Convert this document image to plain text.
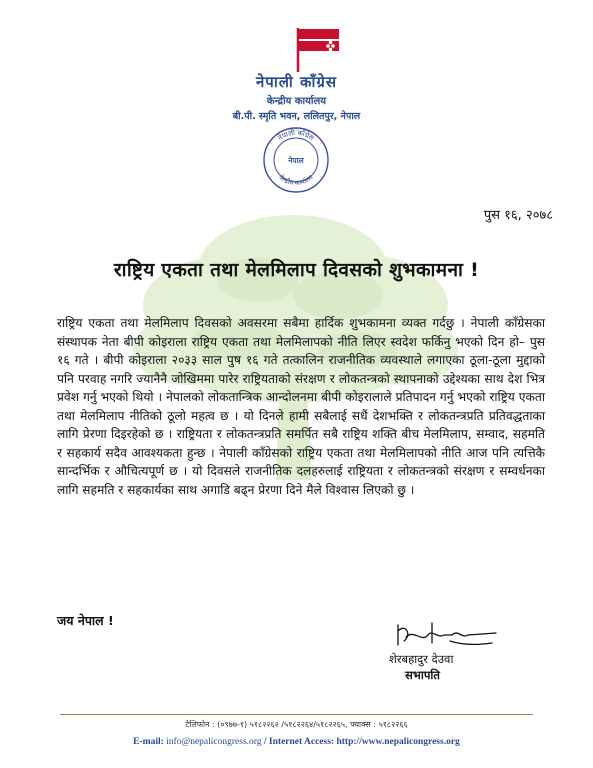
नेपाली काँग्रेस
केन्द्रीय कार्यालय
बी.पी. स्मृति भवन, ललितपुर, नेपाल
नेपाली काँग्रेस
केन्द्रीय कार्यालय
नेपाल
पुस १६, २०७८
राष्ट्रिय एकता तथा मेलमिलाप दिवसको शुभकामना !
राष्ट्रिय एकता तथा मेलमिलाप दिवसको अवसरमा सबैमा हार्दिक शुभकामना व्यक्त गर्दछु । नेपाली काँग्रेसका संस्थापक नेता बीपी कोइराला राष्ट्रिय एकता तथा मेलमिलापको नीति लिएर स्वदेश फर्किनु भएको दिन हो– पुस १६ गते । बीपी कोइराला २०३३ साल पुष १६ गते तत्कालिन राजनीतिक व्यवस्थाले लगाएका ठूला-ठूला मुद्दाको पनि परवाह नगरि ज्यानैनै जोखिममा पारेर राष्ट्रियताको संरक्षण र लोकतन्त्रको स्थापनाको उद्देश्यका साथ देश भित्र प्रवेश गर्नु भएको थियो । नेपालको लोकतान्त्रिक आन्दोलनमा बीपी कोइरालाले प्रतिपादन गर्नु भएको राष्ट्रिय एकता तथा मेलमिलाप नीतिको ठूलो महत्व छ । यो दिनले हामी सबैलाई सधैं देशभक्ति र लोकतन्त्रप्रति प्रतिवद्धताका लागि प्रेरणा दिइरहेको छ । राष्ट्रियता र लोकतन्त्रप्रति समर्पित सबै राष्ट्रिय शक्ति बीच मेलमिलाप, सम्वाद, सहमति र सहकार्य सदैव आवश्यकता हुन्छ । नेपाली काँग्रेसको राष्ट्रिय एकता तथा मेलमिलापको नीति आज पनि त्यत्तिकै सान्दर्भिक र औचित्यपूर्ण छ । यो दिवसले राजनीतिक दलहरुलाई राष्ट्रियता र लोकतन्त्रको संरक्षण र सम्वर्धनका लागि सहमति र सहकार्यका साथ अगाडि बढ्न प्रेरणा दिने मैले विश्वास लिएको छु ।
जय नेपाल !
शेरबहादुर देउवा
सभापति
टेलिफोन : (०९७७-१) ५१८२२६२ /५१८२२६४/५१८२२६५, फ्याक्स : ५१८२२६६
E-mail: info@nepalicongress.org / Internet Access: http://www.nepalicongress.org
